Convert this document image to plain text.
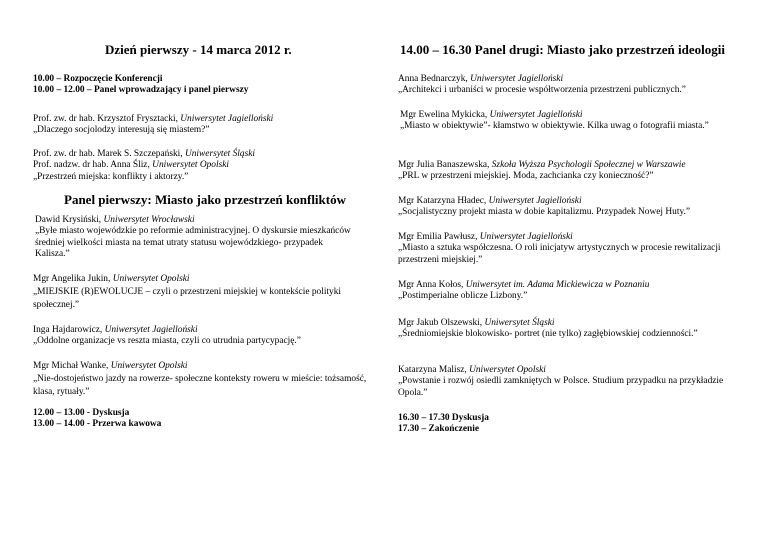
Dzień pierwszy - 14 marca 2012 r.
10.00 – Rozpoczęcie Konferencji
10.00 – 12.00 – Panel wprowadzający i panel pierwszy
Prof. zw. dr hab. Krzysztof Frysztacki, Uniwersytet Jagielloński
„Dlaczego socjolodzy interesują się miastem?”
Prof. zw. dr hab. Marek S. Szczepański, Uniwersytet Śląski
Prof. nadzw. dr hab. Anna Śliz, Uniwersytet Opolski
„Przestrzeń miejska: konflikty i aktorzy.”
Panel pierwszy: Miasto jako przestrzeń konfliktów
Dawid Krysiński, Uniwersytet Wrocławski
„Byłe miasto wojewódzkie po reformie administracyjnej. O dyskursie mieszkańców średniej wielkości miasta na temat utraty statusu wojewódzkiego- przypadek Kalisza.”
Mgr Angelika Jukin, Uniwersytet Opolski
„MIEJSKIE (R)EWOLUCJE – czyli o przestrzeni miejskiej w kontekście polityki społecznej.”
Inga Hajdarowicz, Uniwersytet Jagielloński
„Oddolne organizacje vs reszta miasta, czyli co utrudnia partycypację.”
Mgr Michał Wanke, Uniwersytet Opolski
„Nie-dostojeństwo jazdy na rowerze- społeczne konteksty roweru w mieście: tożsamość, klasa, rytuały.”
12.00 – 13.00 - Dyskusja
13.00 – 14.00 - Przerwa kawowa
14.00 – 16.30 Panel drugi: Miasto jako przestrzeń ideologii
Anna Bednarczyk, Uniwersytet Jagielloński
„Architekci i urbaniści w procesie współtworzenia przestrzeni publicznych.”
Mgr Ewelina Mykicka, Uniwersytet Jagielloński
„Miasto w obiektywie”- kłamstwo w obiektywie. Kilka uwag o fotografii miasta.”
Mgr Julia Banaszewska, Szkoła Wyższa Psychologii Społecznej w Warszawie
„PRL w przestrzeni miejskiej. Moda, zachcianka czy konieczność?”
Mgr Katarzyna Hładec, Uniwersytet Jagielloński
„Socjalistyczny projekt miasta w dobie kapitalizmu. Przypadek Nowej Huty.”
Mgr Emilia Pawłusz, Uniwersytet Jagielloński
„Miasto a sztuka współczesna. O roli inicjatyw artystycznych w procesie rewitalizacji przestrzeni miejskiej.”
Mgr Anna Kołos, Uniwersytet im. Adama Mickiewicza w Poznaniu
„Postimperialne oblicze Lizbony.”
Mgr Jakub Olszewski, Uniwersytet Śląski
„Średniomiejskie blokowisko- portret (nie tylko) zagłębiowskiej codzienności.”
Katarzyna Malisz, Uniwersytet Opolski
„Powstanie i rozwój osiedli zamkniętych w Polsce. Studium przypadku na przykładzie Opola.”
16.30 – 17.30 Dyskusja
17.30 – Zakończenie
